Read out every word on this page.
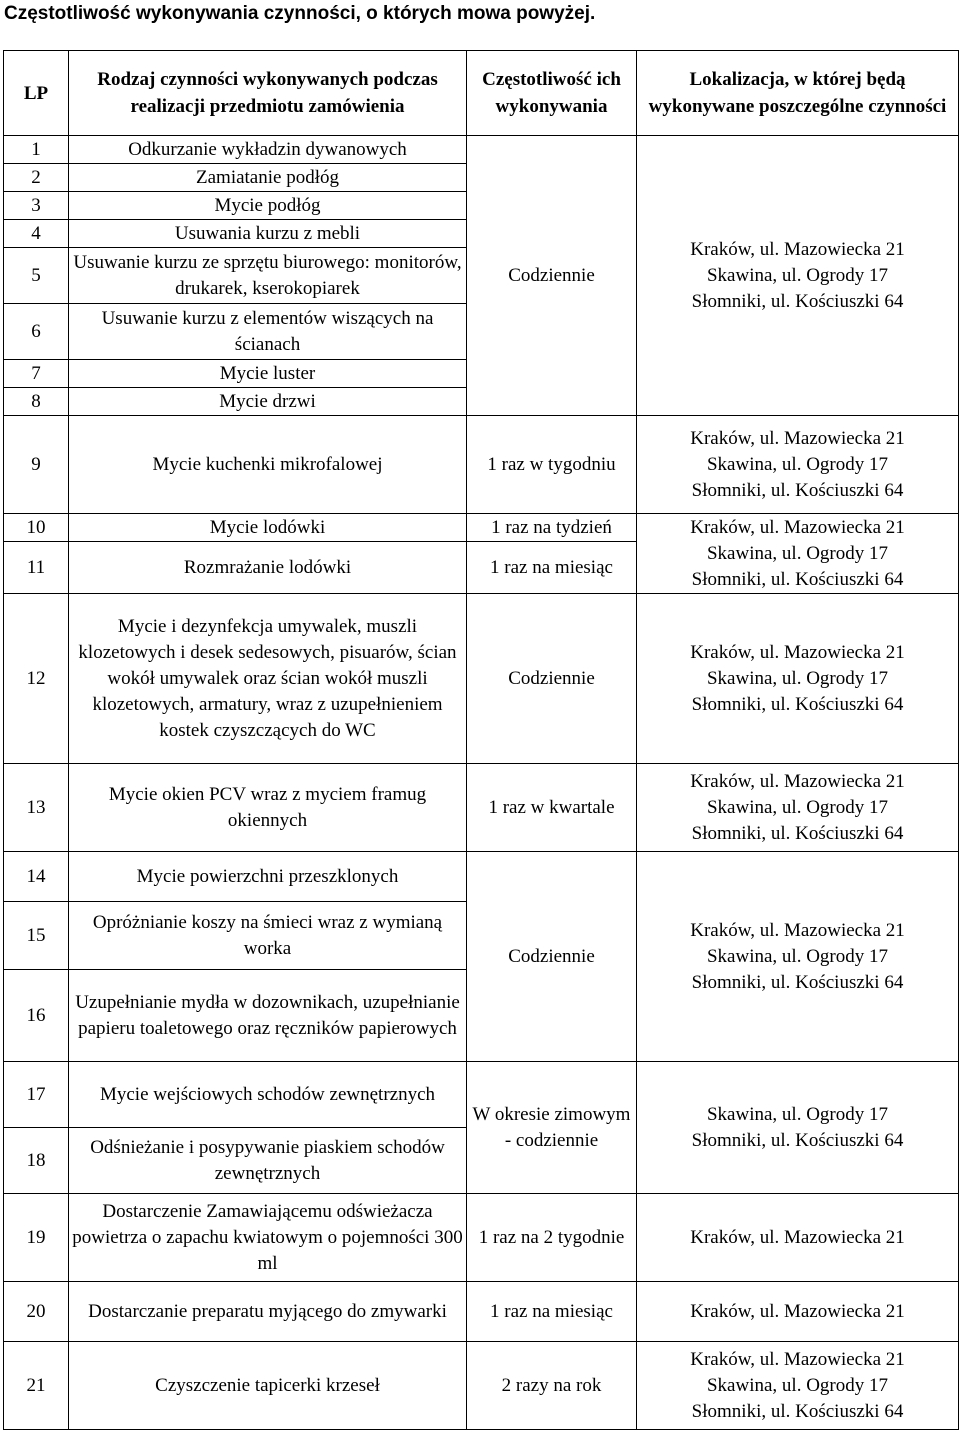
Częstotliwość wykonywania czynności, o których mowa powyżej.
LP	Rodzaj czynności wykonywanych podczas realizacji przedmiotu zamówienia	Częstotliwość ich wykonywania	Lokalizacja, w której będą wykonywane poszczególne czynności
1	Odkurzanie wykładzin dywanowych	Codziennie	Kraków, ul. Mazowiecka 21
Skawina, ul. Ogrody 17
Słomniki, ul. Kościuszki 64

2	Zamiatanie podłóg		
3	Mycie podłóg		
4	Usuwania kurzu z mebli		
5	Usuwanie kurzu ze sprzętu biurowego: monitorów, drukarek, kserokopiarek		
6	Usuwanie kurzu z elementów wiszących na ścianach		
7	Mycie luster		
8	Mycie drzwi		
9	Mycie kuchenki mikrofalowej	1 raz w tygodniu	Kraków, ul. Mazowiecka 21
Skawina, ul. Ogrody 17
Słomniki, ul. Kościuszki 64

10	Mycie lodówki	1 raz na tydzień	Kraków, ul. Mazowiecka 21
Skawina, ul. Ogrody 17
Słomniki, ul. Kościuszki 64

11	Rozmrażanie lodówki	1 raz na miesiąc	
12	Mycie i dezynfekcja umywalek, muszli klozetowych i desek sedesowych, pisuarów, ścian wokół umywalek oraz ścian wokół muszli klozetowych, armatury, wraz z uzupełnieniem kostek czyszczących do WC	Codziennie	Kraków, ul. Mazowiecka 21
Skawina, ul. Ogrody 17
Słomniki, ul. Kościuszki 64

13	Mycie okien PCV wraz z myciem framug okiennych	1 raz w kwartale	Kraków, ul. Mazowiecka 21
Skawina, ul. Ogrody 17
Słomniki, ul. Kościuszki 64

14	Mycie powierzchni przeszklonych	Codziennie	Kraków, ul. Mazowiecka 21
Skawina, ul. Ogrody 17
Słomniki, ul. Kościuszki 64

15	Opróżnianie koszy na śmieci wraz z wymianą worka		
16	Uzupełnianie mydła w dozownikach, uzupełnianie papieru toaletowego oraz ręczników papierowych		
17	Mycie wejściowych schodów zewnętrznych	W okresie zimowym - codziennie	Skawina, ul. Ogrody 17
Słomniki, ul. Kościuszki 64

18	Odśnieżanie i posypywanie piaskiem schodów zewnętrznych		
19	Dostarczenie Zamawiającemu odświeżacza powietrza o zapachu kwiatowym o pojemności 300 ml	1 raz na 2 tygodnie	Kraków, ul. Mazowiecka 21

20	Dostarczanie preparatu myjącego do zmywarki	1 raz na miesiąc	Kraków, ul. Mazowiecka 21

21	Czyszczenie tapicerki krzeseł	2 razy na rok	Kraków, ul. Mazowiecka 21
Skawina, ul. Ogrody 17
Słomniki, ul. Kościuszki 64
